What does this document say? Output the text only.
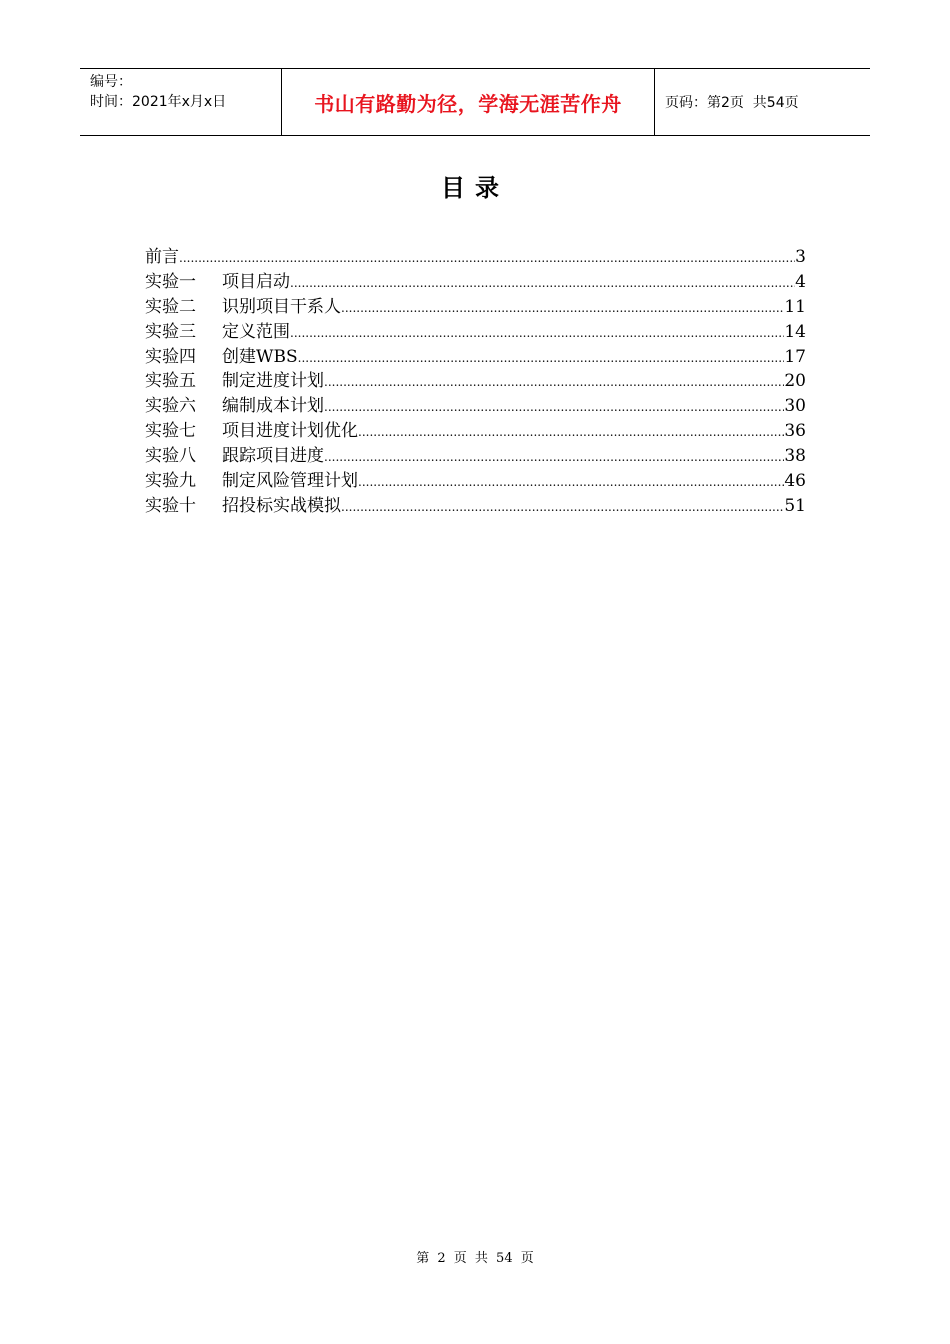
编号：
时间：2021年x月x日	书山有路勤为径，学海无涯苦作舟	页码：第2页  共54页
目录
前言 .....	3
实验一 项目启动 .....	4
实验二 识别项目干系人 .....	11
实验三 定义范围 .....	14
实验四 创建WBS .....	17
实验五 制定进度计划 .....	20
实验六 编制成本计划 .....	30
实验七 项目进度计划优化 .....	36
实验八 跟踪项目进度 .....	38
实验九 制定风险管理计划 .....	46
实验十 招投标实战模拟 .....	51
第 2 页 共 54 页
